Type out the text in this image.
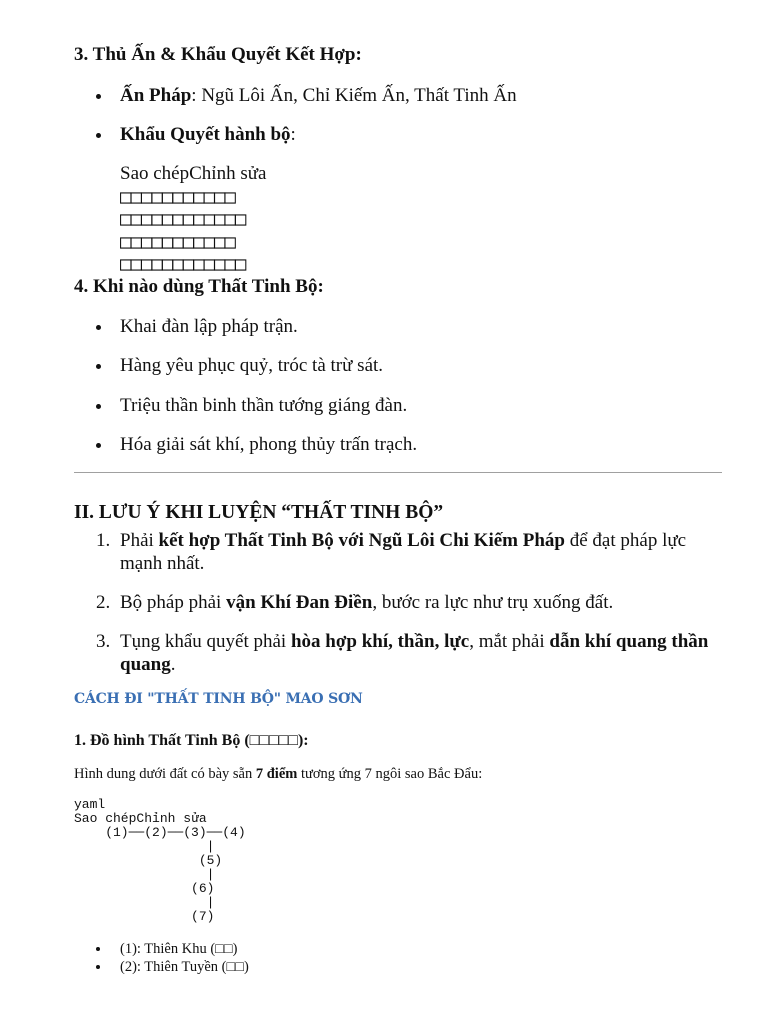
3. Thủ Ấn & Khẩu Quyết Kết Hợp:
Ấn Pháp: Ngũ Lôi Ấn, Chỉ Kiếm Ấn, Thất Tinh Ấn
Khẩu Quyết hành bộ:
Sao chépChỉnh sửa
□□□□□□□□□□□
□□□□□□□□□□□□
□□□□□□□□□□□
□□□□□□□□□□□□
4. Khi nào dùng Thất Tinh Bộ:
Khai đàn lập pháp trận.
Hàng yêu phục quỷ, tróc tà trừ sát.
Triệu thần binh thần tướng giáng đàn.
Hóa giải sát khí, phong thủy trấn trạch.
II. LƯU Ý KHI LUYỆN “THẤT TINH BỘ”
1. Phải kết hợp Thất Tinh Bộ với Ngũ Lôi Chi Kiếm Pháp để đạt pháp lực mạnh nhất.
2. Bộ pháp phải vận Khí Đan Điền, bước ra lực như trụ xuống đất.
3. Tụng khẩu quyết phải hòa hợp khí, thần, lực, mắt phải dẫn khí quang thần quang.
CÁCH ĐI "THẤT TINH BỘ" MAO SƠN
1. Đồ hình Thất Tinh Bộ (□□□□□):
Hình dung dưới đất có bày sẵn 7 điểm tương ứng 7 ngôi sao Bắc Đẩu:
yaml
Sao chépChỉnh sửa
(1)──(2)──(3)──(4)
|
(5)
|
(6)
|
(7)
(1): Thiên Khu (□□)
(2): Thiên Tuyền (□□)
